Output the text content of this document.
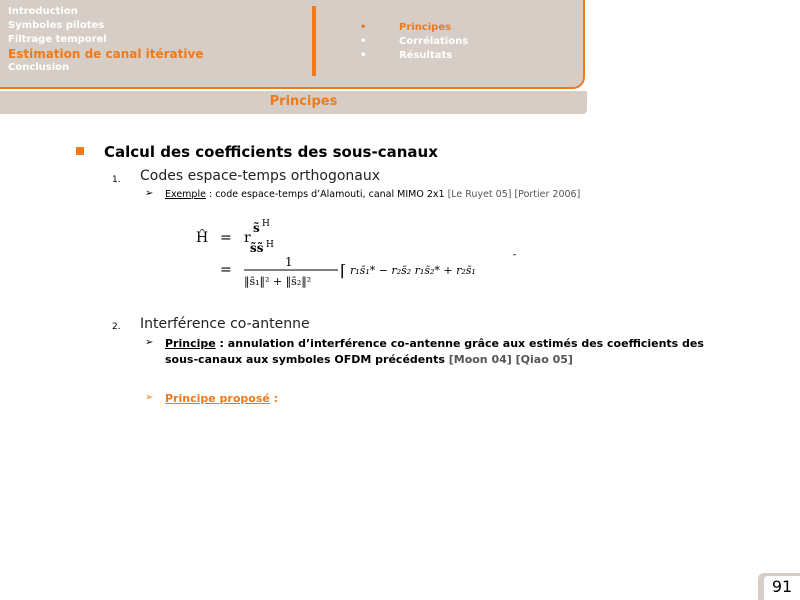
Introduction
Symboles pilotes
Filtrage temporel
Estimation de canal itérative
Conclusion
•	Principes
•	Corrélations
•	Résultats
Principes
Calcul des coefficients des sous-canaux
1. Codes espace-temps orthogonaux
➢ Exemple : code espace-temps d’Alamouti, canal MIMO 2x1 [Le Ruyet 05] [Portier 2006]
Ĥ = r
s̃ H
s̃s̃ H
=	1
‖s̄₁‖² + ‖s̄₂‖²
⌈ r₁s̄₁* − r₂s̄₂ r₁s̄₂* + r₂s̄₁
¯
2. Interférence co-antenne
➢ Principe : annulation d’interférence co-antenne grâce aux estimés des coefficients des sous-canaux aux symboles OFDM précédents [Moon 04] [Qiao 05]
➢ Principe proposé :
91
